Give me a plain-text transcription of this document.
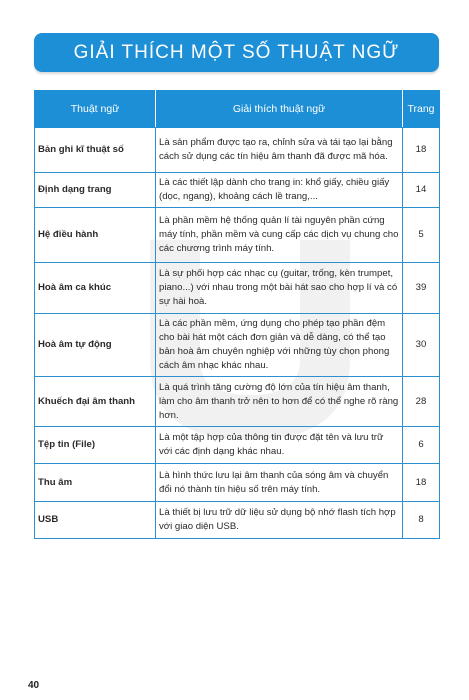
GIẢI THÍCH MỘT SỐ THUẬT NGỮ
Thuật ngữ	Giải thích thuật ngữ	Trang
Bản ghi kĩ thuật số	Là sản phẩm được tạo ra, chỉnh sửa và tái tạo lại bằng cách sử dụng các tín hiệu âm thanh đã được mã hóa.	18
Định dạng trang	Là các thiết lập dành cho trang in: khổ giấy, chiều giấy (dọc, ngang), khoảng cách lề trang,...	14
Hệ điều hành	Là phần mềm hệ thống quản lí tài nguyên phần cứng máy tính, phần mềm và cung cấp các dịch vụ chung cho các chương trình máy tính.	5
Hoà âm ca khúc	Là sự phối hợp các nhạc cụ (guitar, trống, kèn trumpet, piano...) với nhau trong một bài hát sao cho hợp lí và có sự hài hoà.	39
Hoà âm tự động	Là các phần mềm, ứng dụng cho phép tạo phần đệm cho bài hát một cách đơn giản và dễ dàng, có thể tạo bản hoà âm chuyên nghiệp với những tùy chọn phong cách âm nhạc khác nhau.	30
Khuếch đại âm thanh	Là quá trình tăng cường độ lớn của tín hiệu âm thanh, làm cho âm thanh trở nên to hơn để có thể nghe rõ ràng hơn.	28
Tệp tin (File)	Là một tập hợp của thông tin được đặt tên và lưu trữ với các định dạng khác nhau.	6
Thu âm	Là hình thức lưu lại âm thanh của sóng âm và chuyển đổi nó thành tín hiệu số trên máy tính.	18
USB	Là thiết bị lưu trữ dữ liệu sử dụng bộ nhớ flash tích hợp với giao diện USB.	8
40
